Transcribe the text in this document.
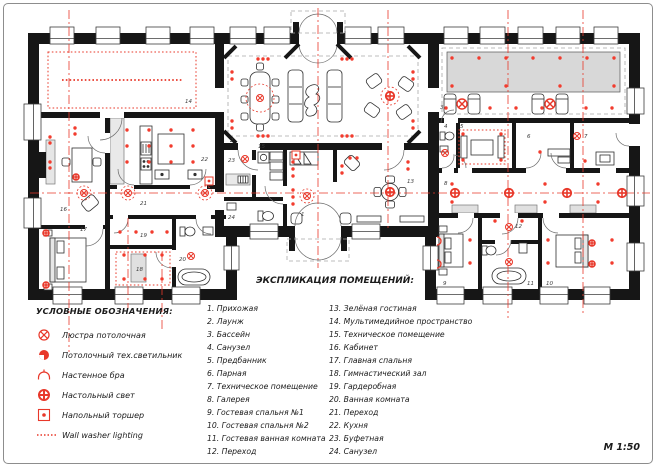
1
2
3
4 5
6	7
8
9	10
11
12
13
14
15
16
17
18
19
20
21
22	23
24
УСЛОВНЫЕ ОБОЗНАЧЕНИЯ:
Люстра потолочная
Потолочный тех.светильник
Настенное бра
Настольный свет
Напольный торшер
Wall washer lighting
ЭКСПЛИКАЦИЯ ПОМЕЩЕНИЙ:
1. Прихожая
2. Лаунж
3. Бассейн
4. Санузел
5. Предбанник
6. Парная
7. Техническое помещение
8. Галерея
9. Гостевая спальня №1
10. Гостевая спальня №2
11. Гостевая ванная комната
12. Переход
13. Зелёная гостиная
14. Мультимедийное пространство
15. Техническое помещение
16. Кабинет
17. Главная спальня
18. Гимнастический зал
19. Гардеробная
20. Ванная комната
21. Переход
22. Кухня
23. Буфетная
24. Санузел	M 1:50
